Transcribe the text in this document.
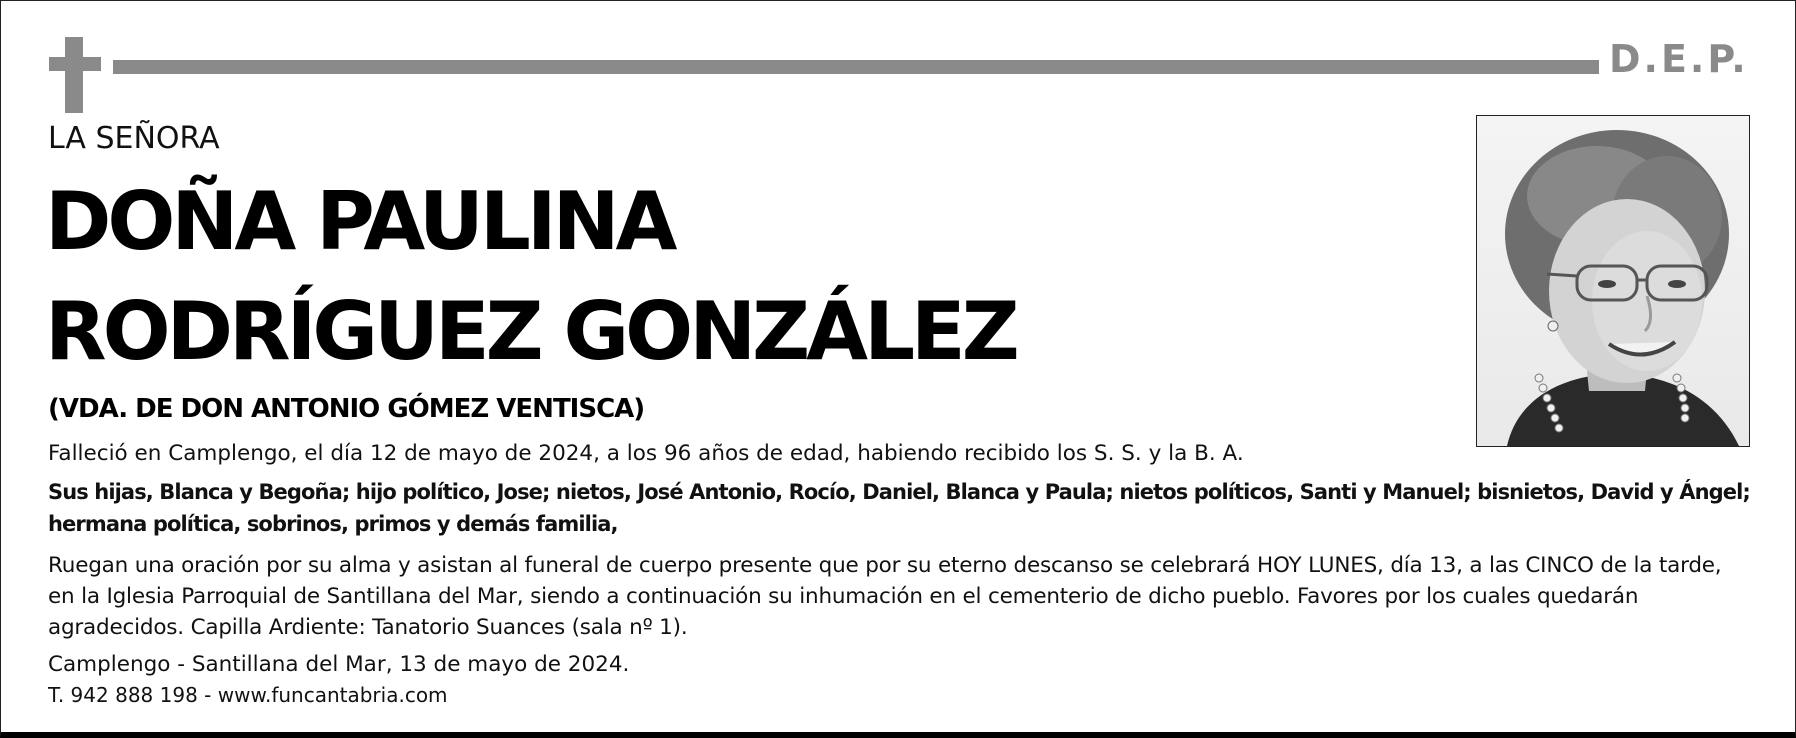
D.E.P.
LA SEÑORA
DOÑA PAULINA
RODRÍGUEZ GONZÁLEZ
(VDA. DE DON ANTONIO GÓMEZ VENTISCA)
Falleció en Camplengo, el día 12 de mayo de 2024, a los 96 años de edad, habiendo recibido los S. S. y la B. A.
Sus hijas, Blanca y Begoña; hijo político, Jose; nietos, José Antonio, Rocío, Daniel, Blanca y Paula; nietos políticos, Santi y Manuel; bisnietos, David y Ángel;
hermana política, sobrinos, primos y demás familia,
Ruegan una oración por su alma y asistan al funeral de cuerpo presente que por su eterno descanso se celebrará HOY LUNES, día 13, a las CINCO de la tarde,
en la Iglesia Parroquial de Santillana del Mar, siendo a continuación su inhumación en el cementerio de dicho pueblo. Favores por los cuales quedarán
agradecidos. Capilla Ardiente: Tanatorio Suances (sala nº 1).
Camplengo - Santillana del Mar, 13 de mayo de 2024.
T. 942 888 198 - www.funcantabria.com
